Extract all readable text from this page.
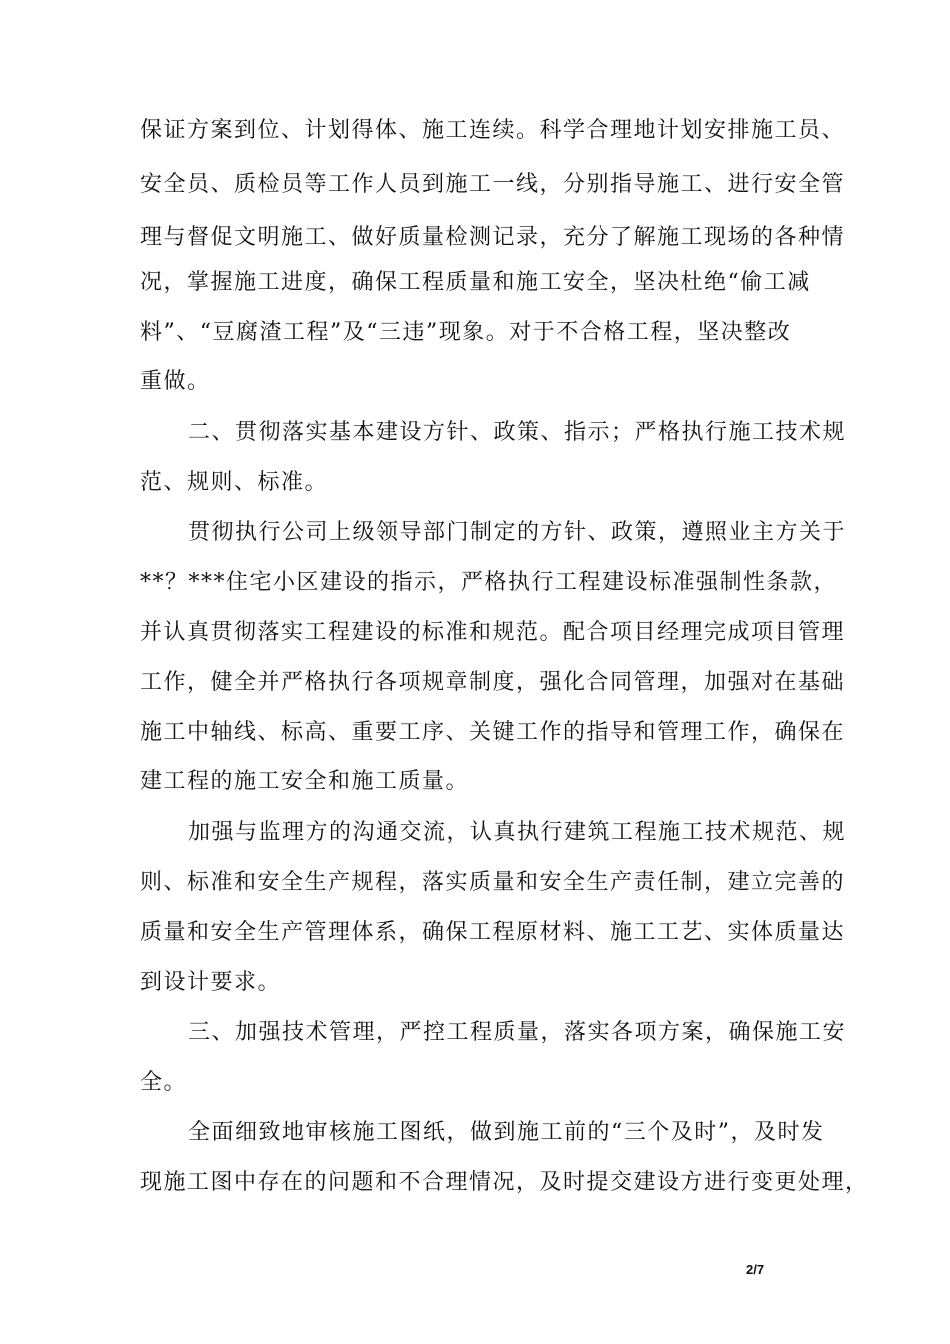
保证方案到位、计划得体、施工连续。科学合理地计划安排施工员、
安全员、质检员等工作人员到施工一线，分别指导施工、进行安全管
理与督促文明施工、做好质量检测记录，充分了解施工现场的各种情
况，掌握施工进度，确保工程质量和施工安全，坚决杜绝“偷工减
料”、“豆腐渣工程”及“三违”现象。对于不合格工程，坚决整改
重做。
二、贯彻落实基本建设方针、政策、指示；严格执行施工技术规
范、规则、标准。
贯彻执行公司上级领导部门制定的方针、政策，遵照业主方关于
**？***住宅小区建设的指示，严格执行工程建设标准强制性条款，
并认真贯彻落实工程建设的标准和规范。配合项目经理完成项目管理
工作，健全并严格执行各项规章制度，强化合同管理，加强对在基础
施工中轴线、标高、重要工序、关键工作的指导和管理工作，确保在
建工程的施工安全和施工质量。
加强与监理方的沟通交流，认真执行建筑工程施工技术规范、规
则、标准和安全生产规程，落实质量和安全生产责任制，建立完善的
质量和安全生产管理体系，确保工程原材料、施工工艺、实体质量达
到设计要求。
三、加强技术管理，严控工程质量，落实各项方案，确保施工安
全。
全面细致地审核施工图纸，做到施工前的“三个及时”，及时发
现施工图中存在的问题和不合理情况，及时提交建设方进行变更处理，
2/7
